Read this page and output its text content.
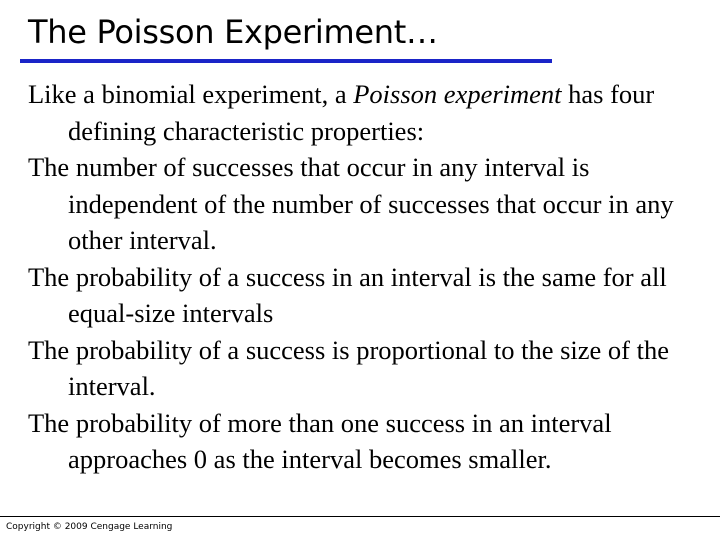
The Poisson Experiment…

Like a binomial experiment, a Poisson experiment has four defining characteristic properties:

The number of successes that occur in any interval is independent of the number of successes that occur in any other interval.

The probability of a success in an interval is the same for all equal-size intervals

The probability of a success is proportional to the size of the interval.

The probability of more than one success in an interval approaches 0 as the interval becomes smaller.

Copyright © 2009 Cengage Learning
